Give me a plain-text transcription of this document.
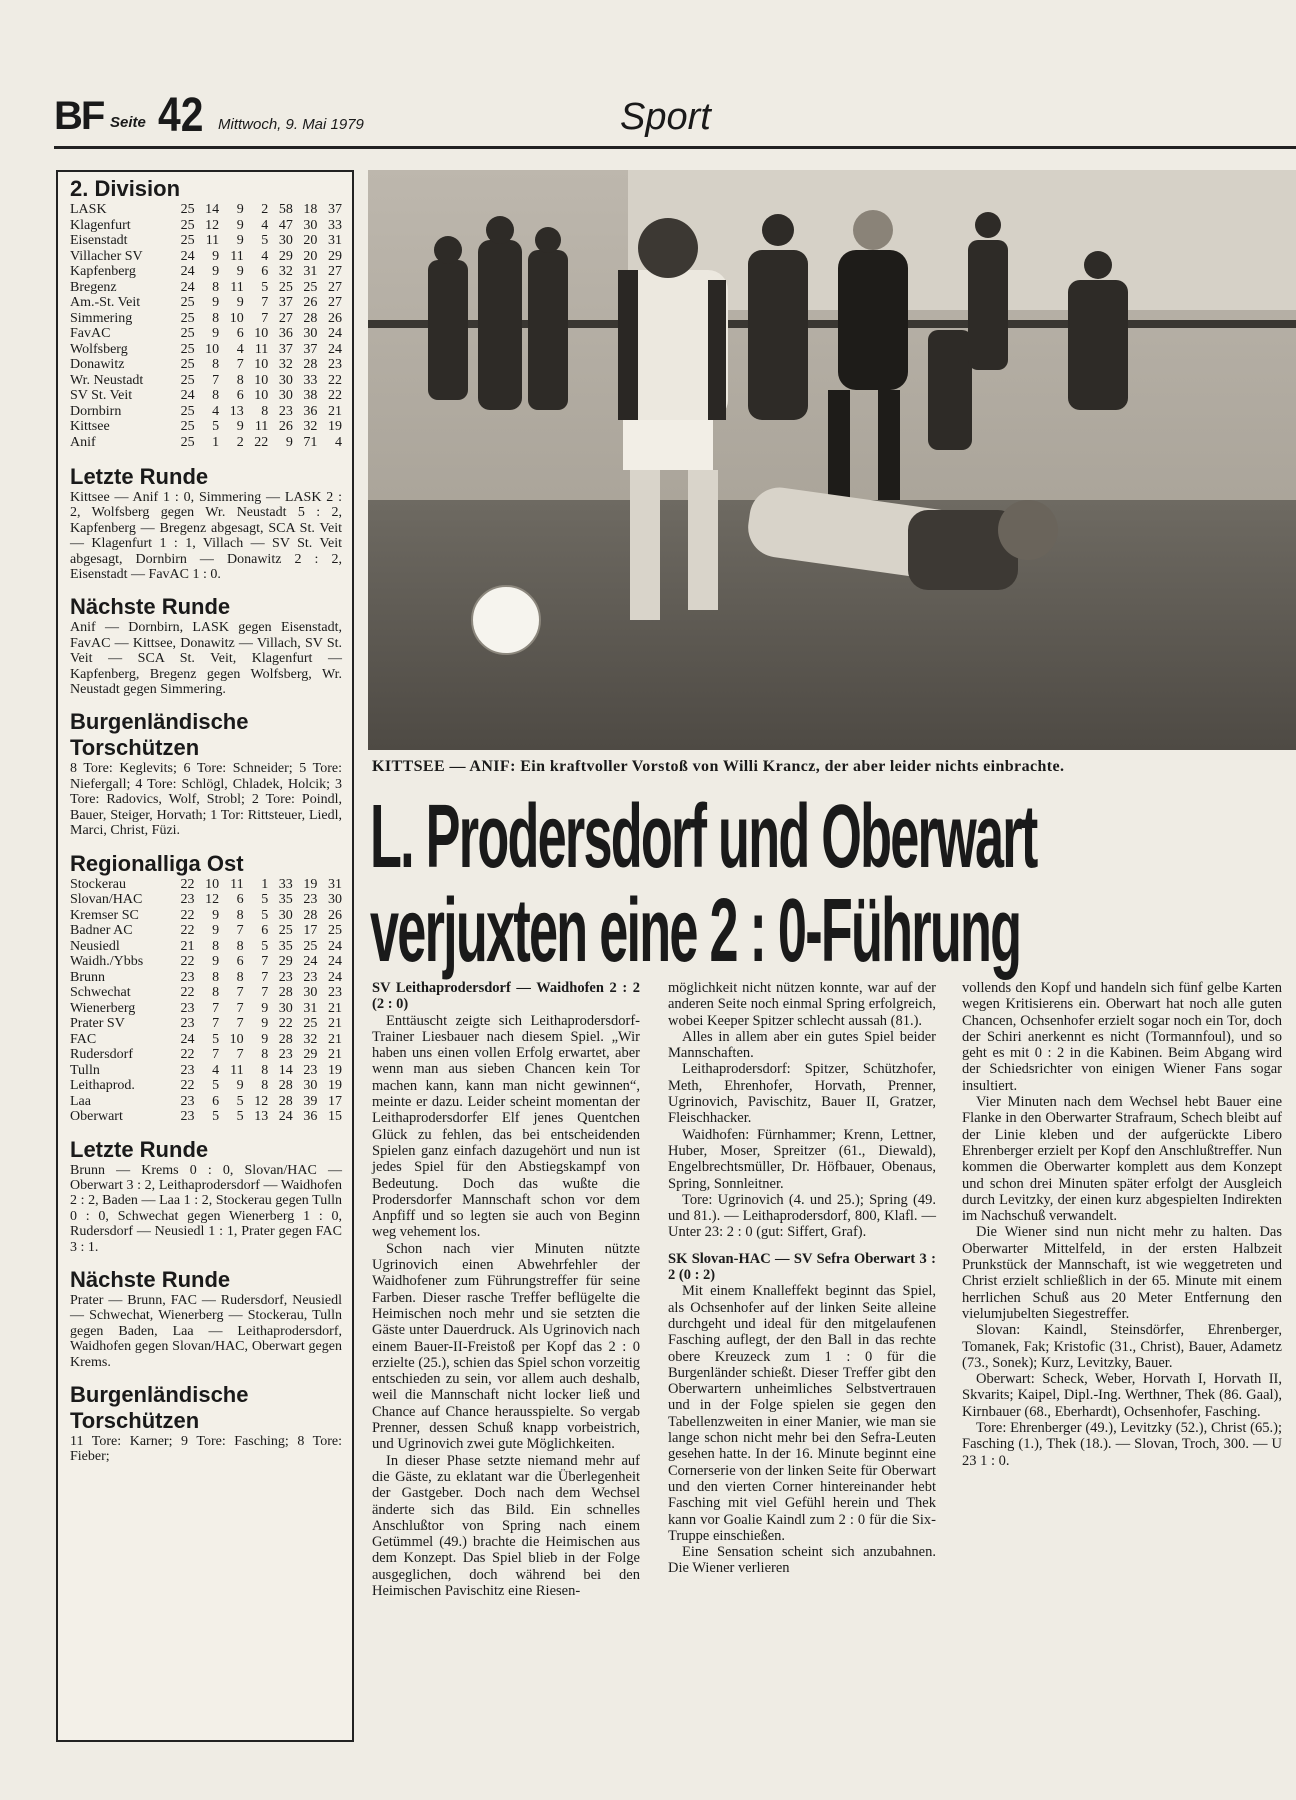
BF Seite 42 Mittwoch, 9. Mai 1979	Sport
2. Division
LASK	25	14	9	2	58	18	37
Klagenfurt	25	12	9	4	47	30	33
Eisenstadt	25	11	9	5	30	20	31
Villacher SV	24	9	11	4	29	20	29
Kapfenberg	24	9	9	6	32	31	27
Bregenz	24	8	11	5	25	25	27
Am.-St. Veit	25	9	9	7	37	26	27
Simmering	25	8	10	7	27	28	26
FavAC	25	9	6	10	36	30	24
Wolfsberg	25	10	4	11	37	37	24
Donawitz	25	8	7	10	32	28	23
Wr. Neustadt	25	7	8	10	30	33	22
SV St. Veit	24	8	6	10	30	38	22
Dornbirn	25	4	13	8	23	36	21
Kittsee	25	5	9	11	26	32	19
Anif	25	1	2	22	9	71	4
Letzte Runde

Kittsee — Anif 1 : 0, Simmering — LASK 2 : 2, Wolfsberg gegen Wr. Neustadt 5 : 2, Kapfenberg — Bregenz abgesagt, SCA St. Veit — Klagenfurt 1 : 1, Villach — SV St. Veit abgesagt, Dornbirn — Donawitz 2 : 2, Eisenstadt — FavAC 1 : 0.

Nächste Runde

Anif — Dornbirn, LASK gegen Eisenstadt, FavAC — Kittsee, Donawitz — Villach, SV St. Veit — SCA St. Veit, Klagenfurt — Kapfenberg, Bregenz gegen Wolfsberg, Wr. Neustadt gegen Simmering.

Burgenländische Torschützen

8 Tore: Keglevits; 6 Tore: Schneider; 5 Tore: Niefergall; 4 Tore: Schlögl, Chladek, Holcik; 3 Tore: Radovics, Wolf, Strobl; 2 Tore: Poindl, Bauer, Steiger, Horvath; 1 Tor: Rittsteuer, Liedl, Marci, Christ, Füzi.

Regionalliga Ost
Stockerau	22	10	11	1	33	19	31
Slovan/HAC	23	12	6	5	35	23	30
Kremser SC	22	9	8	5	30	28	26
Badner AC	22	9	7	6	25	17	25
Neusiedl	21	8	8	5	35	25	24
Waidh./Ybbs	22	9	6	7	29	24	24
Brunn	23	8	8	7	23	23	24
Schwechat	22	8	7	7	28	30	23
Wienerberg	23	7	7	9	30	31	21
Prater SV	23	7	7	9	22	25	21
FAC	24	5	10	9	28	32	21
Rudersdorf	22	7	7	8	23	29	21
Tulln	23	4	11	8	14	23	19
Leithaprod.	22	5	9	8	28	30	19
Laa	23	6	5	12	28	39	17
Oberwart	23	5	5	13	24	36	15
Letzte Runde

Brunn — Krems 0 : 0, Slovan/HAC — Oberwart 3 : 2, Leithaprodersdorf — Waidhofen 2 : 2, Baden — Laa 1 : 2, Stockerau gegen Tulln 0 : 0, Schwechat gegen Wienerberg 1 : 0, Rudersdorf — Neusiedl 1 : 1, Prater gegen FAC 3 : 1.

Nächste Runde

Prater — Brunn, FAC — Rudersdorf, Neusiedl — Schwechat, Wienerberg — Stockerau, Tulln gegen Baden, Laa — Leithaprodersdorf, Waidhofen gegen Slovan/HAC, Oberwart gegen Krems.

Burgenländische Torschützen

11 Tore: Karner; 9 Tore: Fasching; 8 Tore: Fieber;

KITTSEE — ANIF: Ein kraftvoller Vorstoß von Willi Krancz, der aber leider nichts einbrachte.
L. Prodersdorf und Oberwart
verjuxten eine 2 : 0-Führung

SV Leithaprodersdorf — Waidhofen 2 : 2 (2 : 0)

Enttäuscht zeigte sich Leithaprodersdorf-Trainer Liesbauer nach diesem Spiel. „Wir haben uns einen vollen Erfolg erwartet, aber wenn man aus sieben Chancen kein Tor machen kann, kann man nicht gewinnen“, meinte er dazu. Leider scheint momentan der Leithaprodersdorfer Elf jenes Quentchen Glück zu fehlen, das bei entscheidenden Spielen ganz einfach dazugehört und nun ist jedes Spiel für den Abstiegskampf von Bedeutung. Doch das wußte die Prodersdorfer Mannschaft schon vor dem Anpfiff und so legten sie auch von Beginn weg vehement los.

Schon nach vier Minuten nützte Ugrinovich einen Abwehrfehler der Waidhofener zum Führungstreffer für seine Farben. Dieser rasche Treffer beflügelte die Heimischen noch mehr und sie setzten die Gäste unter Dauerdruck. Als Ugrinovich nach einem Bauer-II-Freistoß per Kopf das 2 : 0 erzielte (25.), schien das Spiel schon vorzeitig entschieden zu sein, vor allem auch deshalb, weil die Mannschaft nicht locker ließ und Chance auf Chance herausspielte. So vergab Prenner, dessen Schuß knapp vorbeistrich, und Ugrinovich zwei gute Möglichkeiten.

In dieser Phase setzte niemand mehr auf die Gäste, zu eklatant war die Überlegenheit der Gastgeber. Doch nach dem Wechsel änderte sich das Bild. Ein schnelles Anschlußtor von Spring nach einem Getümmel (49.) brachte die Heimischen aus dem Konzept. Das Spiel blieb in der Folge ausgeglichen, doch während bei den Heimischen Pavischitz eine Riesen-

möglichkeit nicht nützen konnte, war auf der anderen Seite noch einmal Spring erfolgreich, wobei Keeper Spitzer schlecht aussah (81.).

Alles in allem aber ein gutes Spiel beider Mannschaften.

Leithaprodersdorf: Spitzer, Schützhofer, Meth, Ehrenhofer, Horvath, Prenner, Ugrinovich, Pavischitz, Bauer II, Gratzer, Fleischhacker.

Waidhofen: Fürnhammer; Krenn, Lettner, Huber, Moser, Spreitzer (61., Diewald), Engelbrechtsmüller, Dr. Höfbauer, Obenaus, Spring, Sonnleitner.

Tore: Ugrinovich (4. und 25.); Spring (49. und 81.). — Leithaprodersdorf, 800, Klafl. — Unter 23: 2 : 0 (gut: Siffert, Graf).

SK Slovan-HAC — SV Sefra Oberwart 3 : 2 (0 : 2)

Mit einem Knalleffekt beginnt das Spiel, als Ochsenhofer auf der linken Seite alleine durchgeht und ideal für den mitgelaufenen Fasching auflegt, der den Ball in das rechte obere Kreuzeck zum 1 : 0 für die Burgenländer schießt. Dieser Treffer gibt den Oberwartern unheimliches Selbstvertrauen und in der Folge spielen sie gegen den Tabellenzweiten in einer Manier, wie man sie lange schon nicht mehr bei den Sefra-Leuten gesehen hatte. In der 16. Minute beginnt eine Cornerserie von der linken Seite für Oberwart und den vierten Corner hintereinander hebt Fasching mit viel Gefühl herein und Thek kann vor Goalie Kaindl zum 2 : 0 für die Six-Truppe einschießen.

Eine Sensation scheint sich anzubahnen. Die Wiener verlieren

vollends den Kopf und handeln sich fünf gelbe Karten wegen Kritisierens ein. Oberwart hat noch alle guten Chancen, Ochsenhofer erzielt sogar noch ein Tor, doch der Schiri anerkennt es nicht (Tormannfoul), und so geht es mit 0 : 2 in die Kabinen. Beim Abgang wird der Schiedsrichter von einigen Wiener Fans sogar insultiert.

Vier Minuten nach dem Wechsel hebt Bauer eine Flanke in den Oberwarter Strafraum, Schech bleibt auf der Linie kleben und der aufgerückte Libero Ehrenberger erzielt per Kopf den Anschlußtreffer. Nun kommen die Oberwarter komplett aus dem Konzept und schon drei Minuten später erfolgt der Ausgleich durch Levitzky, der einen kurz abgespielten Indirekten im Nachschuß verwandelt.

Die Wiener sind nun nicht mehr zu halten. Das Oberwarter Mittelfeld, in der ersten Halbzeit Prunkstück der Mannschaft, ist wie weggetreten und Christ erzielt schließlich in der 65. Minute mit einem herrlichen Schuß aus 20 Meter Entfernung den vielumjubelten Siegestreffer.

Slovan: Kaindl, Steinsdörfer, Ehrenberger, Tomanek, Fak; Kristofic (31., Christ), Bauer, Adametz (73., Sonek); Kurz, Levitzky, Bauer.

Oberwart: Scheck, Weber, Horvath I, Horvath II, Skvarits; Kaipel, Dipl.-Ing. Werthner, Thek (86. Gaal), Kirnbauer (68., Eberhardt), Ochsenhofer, Fasching.

Tore: Ehrenberger (49.), Levitzky (52.), Christ (65.); Fasching (1.), Thek (18.). — Slovan, Troch, 300. — U 23 1 : 0.
